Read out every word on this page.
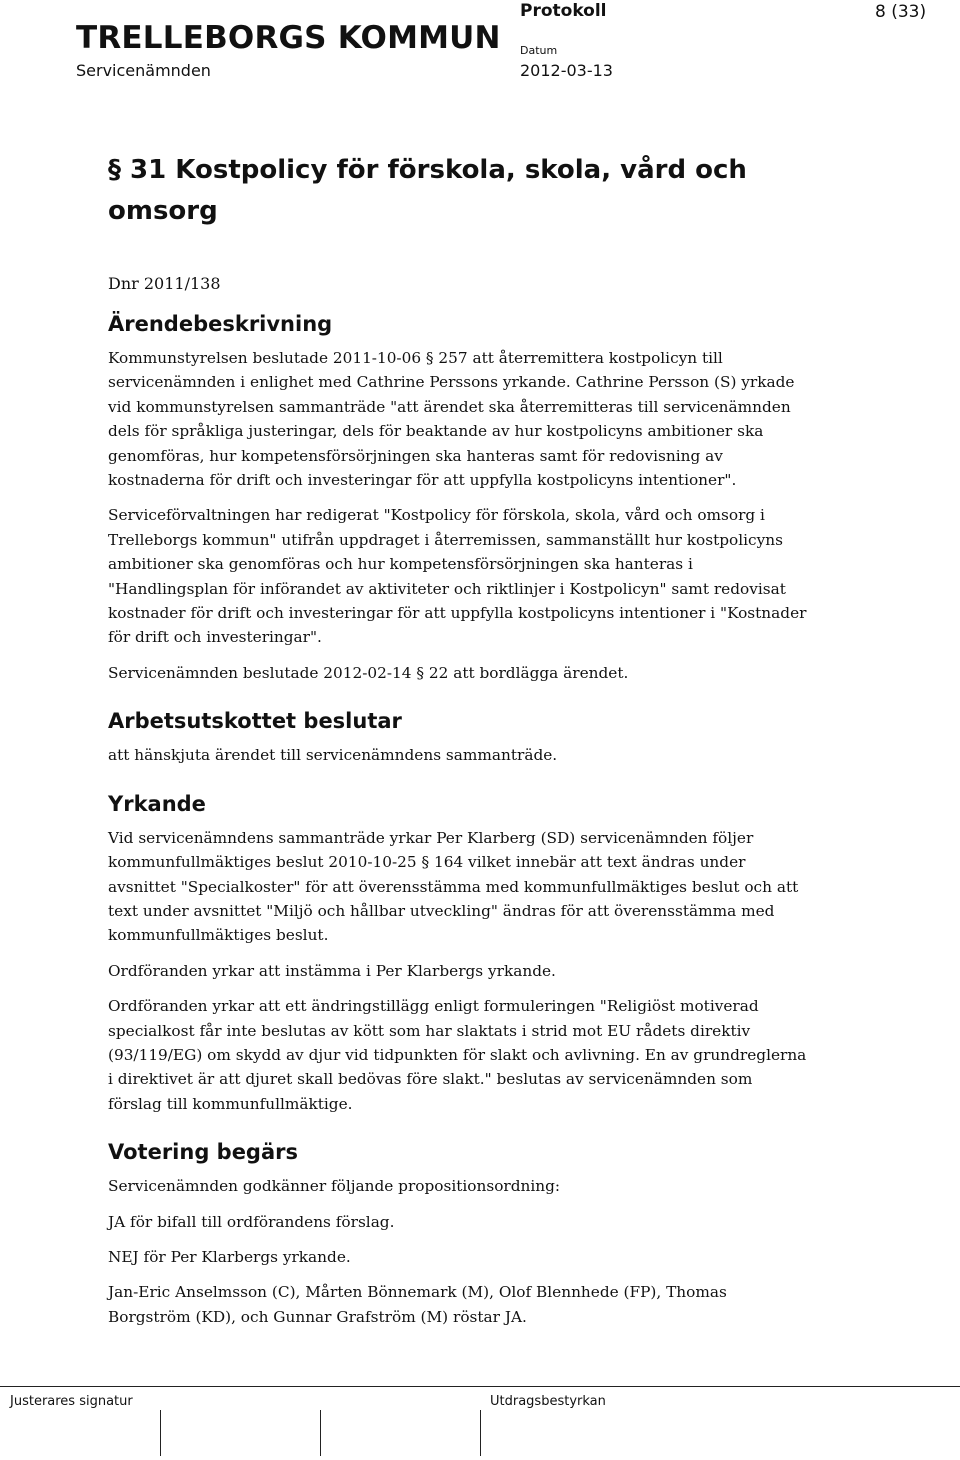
TRELLEBORGS KOMMUN
Servicenämnden
Protokoll	8 (33)
Datum
2012-03-13
§ 31 Kostpolicy för förskola, skola, vård och omsorg
Dnr 2011/138
Ärendebeskrivning

Kommunstyrelsen beslutade 2011-10-06 § 257 att återremittera kostpolicyn till servicenämnden i enlighet med Cathrine Perssons yrkande. Cathrine Persson (S) yrkade vid kommunstyrelsen sammanträde "att ärendet ska återremitteras till servicenämnden dels för språkliga justeringar, dels för beaktande av hur kostpolicyns ambitioner ska genomföras, hur kompetensförsörjningen ska hanteras samt för redovisning av kostnaderna för drift och investeringar för att uppfylla kostpolicyns intentioner".

Serviceförvaltningen har redigerat "Kostpolicy för förskola, skola, vård och omsorg i Trelleborgs kommun" utifrån uppdraget i återremissen, sammanställt hur kostpolicyns ambitioner ska genomföras och hur kompetensförsörjningen ska hanteras i "Handlingsplan för införandet av aktiviteter och riktlinjer i Kostpolicyn" samt redovisat kostnader för drift och investeringar för att uppfylla kostpolicyns intentioner i "Kostnader för drift och investeringar".

Servicenämnden beslutade 2012-02-14 § 22 att bordlägga ärendet.

Arbetsutskottet beslutar

att hänskjuta ärendet till servicenämndens sammanträde.

Yrkande

Vid servicenämndens sammanträde yrkar Per Klarberg (SD) servicenämnden följer kommunfullmäktiges beslut 2010-10-25 § 164 vilket innebär att text ändras under avsnittet "Specialkoster" för att överensstämma med kommunfullmäktiges beslut och att text under avsnittet "Miljö och hållbar utveckling" ändras för att överensstämma med kommunfullmäktiges beslut.

Ordföranden yrkar att instämma i Per Klarbergs yrkande.

Ordföranden yrkar att ett ändringstillägg enligt formuleringen "Religiöst motiverad specialkost får inte beslutas av kött som har slaktats i strid mot EU rådets direktiv (93/119/EG) om skydd av djur vid tidpunkten för slakt och avlivning. En av grundreglerna i direktivet är att djuret skall bedövas före slakt." beslutas av servicenämnden som förslag till kommunfullmäktige.

Votering begärs

Servicenämnden godkänner följande propositionsordning:

JA för bifall till ordförandens förslag.

NEJ för Per Klarbergs yrkande.

Jan-Eric Anselmsson (C), Mårten Bönnemark (M), Olof Blennhede (FP), Thomas Borgström (KD), och Gunnar Grafström (M) röstar JA.

Justerares signatur	Utdragsbestyrkan
